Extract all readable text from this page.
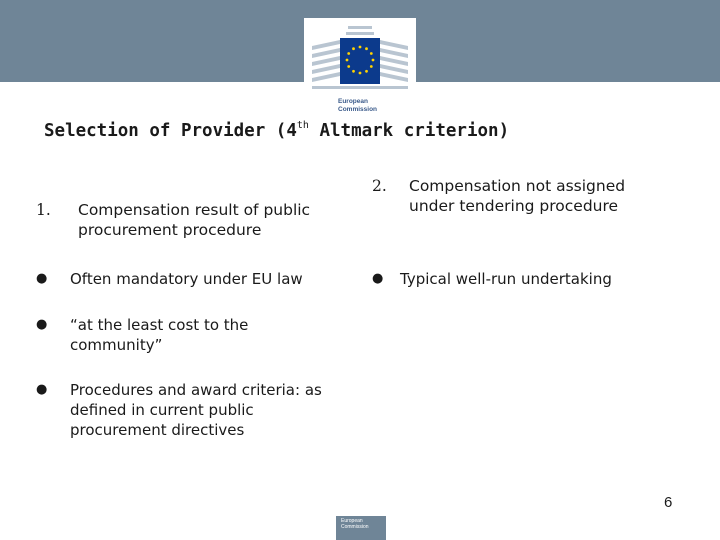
European
Commission
Selection of Provider (4th Altmark criterion)
1. Compensation result of public
procurement procedure
2. Compensation not assigned
under tendering procedure
● Often mandatory under EU law
● “at the least cost to the
community”
● Procedures and award criteria: as
defined in current public
procurement directives
● Typical well-run undertaking
6
European Commission
